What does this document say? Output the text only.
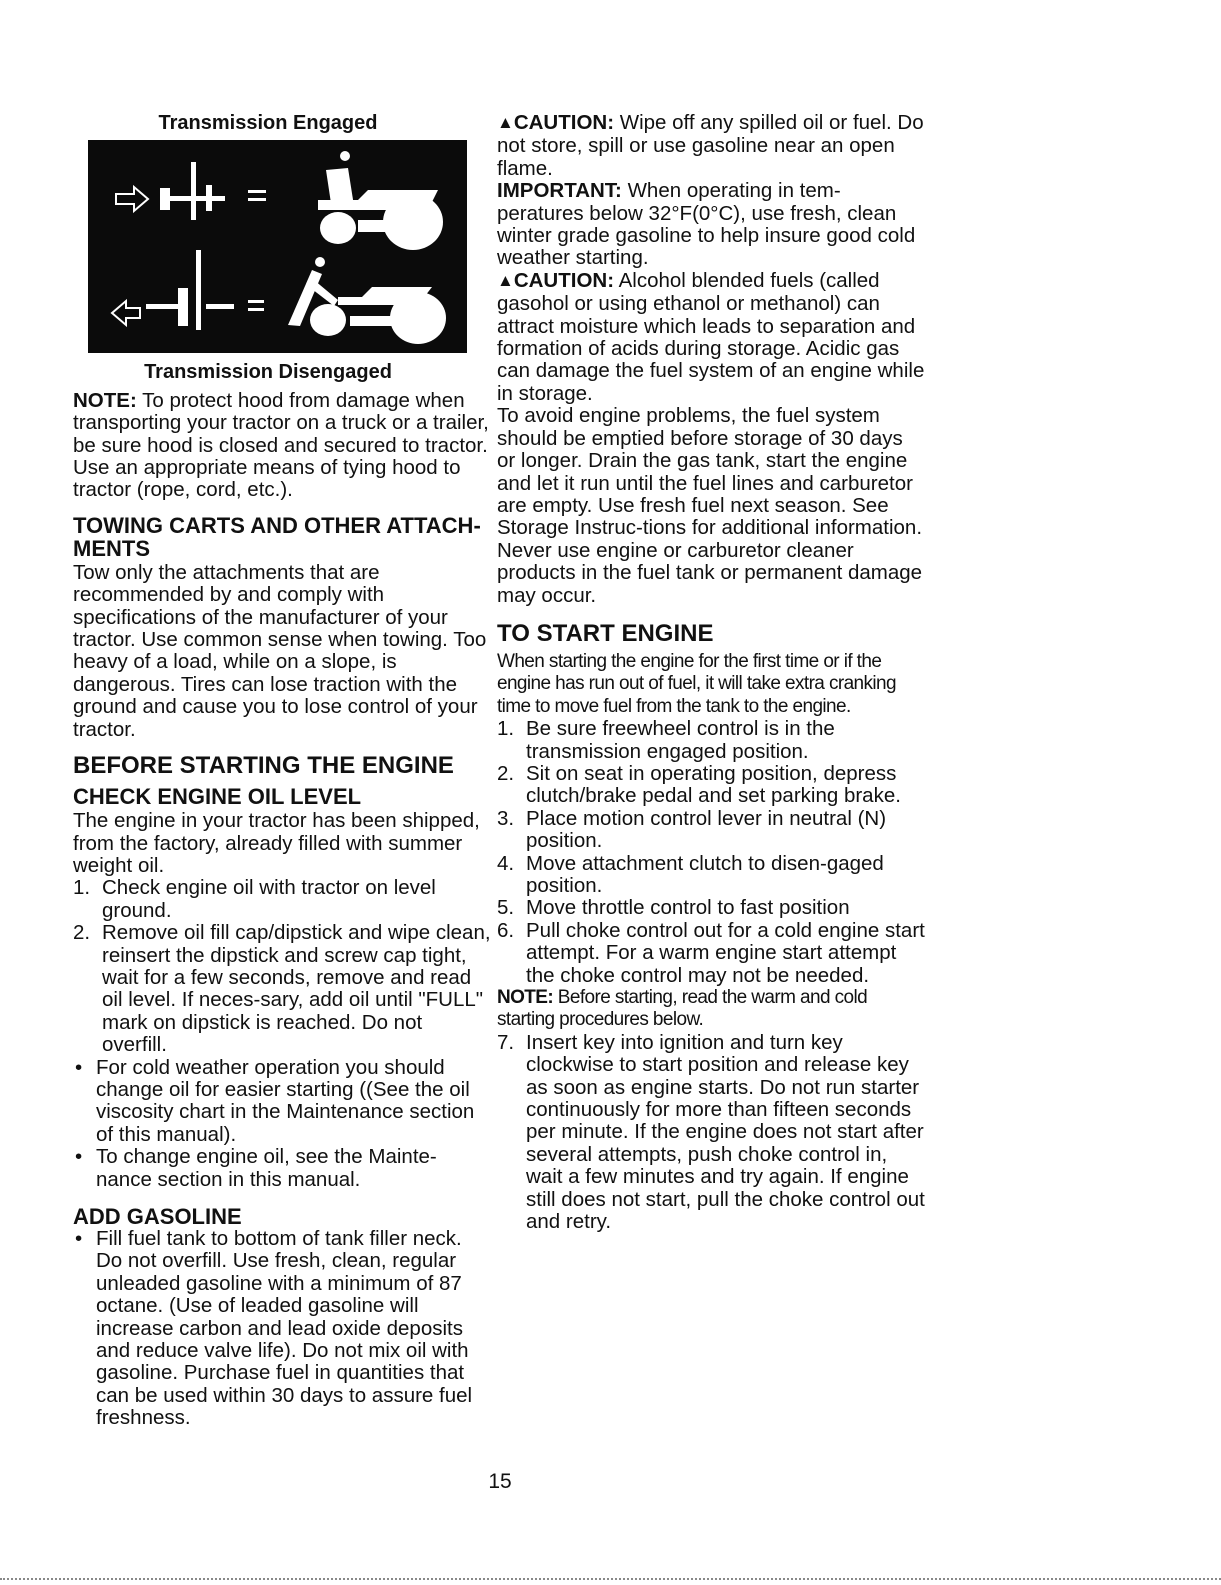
Transmission Engaged
Transmission Disengaged

NOTE: To protect hood from damage when transporting your tractor on a truck or a trailer, be sure hood is closed and secured to tractor. Use an appropriate means of tying hood to tractor (rope, cord, etc.).

TOWING CARTS AND OTHER ATTACH-MENTS

Tow only the attachments that are recommended by and comply with specifications of the manufacturer of your tractor. Use common sense when towing. Too heavy of a load, while on a slope, is dangerous. Tires can lose traction with the ground and cause you to lose control of your tractor.

BEFORE STARTING THE ENGINE

CHECK ENGINE OIL LEVEL

The engine in your tractor has been shipped, from the factory, already filled with summer weight oil.

1. Check engine oil with tractor on level ground.
2. Remove oil fill cap/dipstick and wipe clean, reinsert the dipstick and screw cap tight, wait for a few seconds, remove and read oil level. If neces-sary, add oil until "FULL" mark on dipstick is reached. Do not overfill.
• For cold weather operation you should change oil for easier starting ((See the oil viscosity chart in the Maintenance section of this manual).
• To change engine oil, see the Mainte-nance section in this manual.

ADD GASOLINE

• Fill fuel tank to bottom of tank filler neck. Do not overfill. Use fresh, clean, regular unleaded gasoline with a minimum of 87 octane. (Use of leaded gasoline will increase carbon and lead oxide deposits and reduce valve life). Do not mix oil with gasoline. Purchase fuel in quantities that can be used within 30 days to assure fuel freshness.

▲CAUTION: Wipe off any spilled oil or fuel. Do not store, spill or use gasoline near an open flame.

IMPORTANT: When operating in tem-peratures below 32°F(0°C), use fresh, clean winter grade gasoline to help insure good cold weather starting.

▲CAUTION: Alcohol blended fuels (called gasohol or using ethanol or methanol) can attract moisture which leads to separation and formation of acids during storage. Acidic gas can damage the fuel system of an engine while in storage.

To avoid engine problems, the fuel system should be emptied before storage of 30 days or longer. Drain the gas tank, start the engine and let it run until the fuel lines and carburetor are empty. Use fresh fuel next season. See Storage Instruc-tions for additional information.

Never use engine or carburetor cleaner products in the fuel tank or permanent damage may occur.

TO START ENGINE

When starting the engine for the first time or if the engine has run out of fuel, it will take extra cranking time to move fuel from the tank to the engine.

1. Be sure freewheel control is in the transmission engaged position.
2. Sit on seat in operating position, depress clutch/brake pedal and set parking brake.
3. Place motion control lever in neutral (N) position.
4. Move attachment clutch to disen-gaged position.
5. Move throttle control to fast position
6. Pull choke control out for a cold engine start attempt. For a warm engine start attempt the choke control may not be needed.

NOTE: Before starting, read the warm and cold starting procedures below.

7. Insert key into ignition and turn key clockwise to start position and release key as soon as engine starts. Do not run starter continuously for more than fifteen seconds per minute. If the engine does not start after several attempts, push choke control in, wait a few minutes and try again. If engine still does not start, pull the choke control out and retry.
15
